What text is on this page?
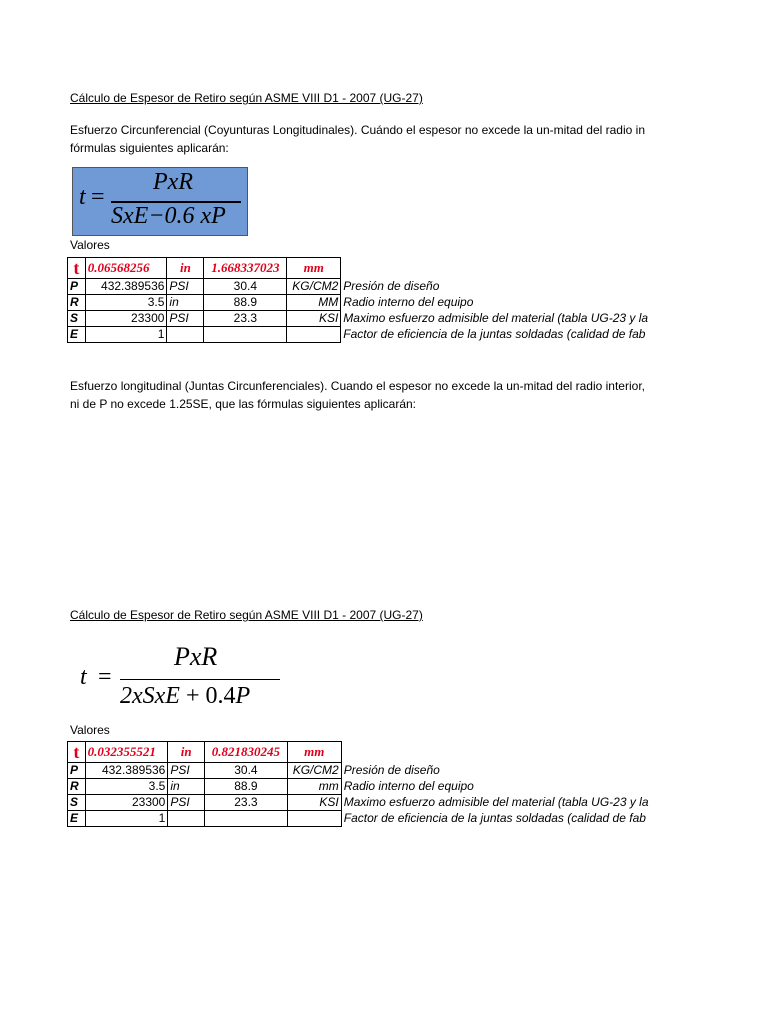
Cálculo de Espesor de Retiro según ASME VIII D1 - 2007 (UG-27)
Esfuerzo Circunferencial (Coyunturas Longitudinales). Cuándo el espesor no excede la un-mitad del radio in
fórmulas siguientes aplicarán:
t =
PxR
SxE−0.6 xP
Valores
t	0.06568256	in	1.668337023	mm	
P	432.389536	PSI	30.4	KG/CM2	Presión de diseño
R	3.5	in	88.9	MM	Radio interno del equipo
S	23300	PSI	23.3	KSI	Maximo esfuerzo admisible del material (tabla UG-23 y la
E	1				Factor de eficiencia de la juntas soldadas (calidad de fab
Esfuerzo longitudinal (Juntas Circunferenciales). Cuando el espesor no excede la un-mitad del radio interior,
ni de P no excede 1.25SE, que las fórmulas siguientes aplicarán:
Cálculo de Espesor de Retiro según ASME VIII D1 - 2007 (UG-27)
t =
PxR
2xSxE + 0.4P
Valores
t	0.032355521	in	0.821830245	mm	
P	432.389536	PSI	30.4	KG/CM2	Presión de diseño
R	3.5	in	88.9	mm	Radio interno del equipo
S	23300	PSI	23.3	KSI	Maximo esfuerzo admisible del material (tabla UG-23 y la
E	1				Factor de eficiencia de la juntas soldadas (calidad de fab
